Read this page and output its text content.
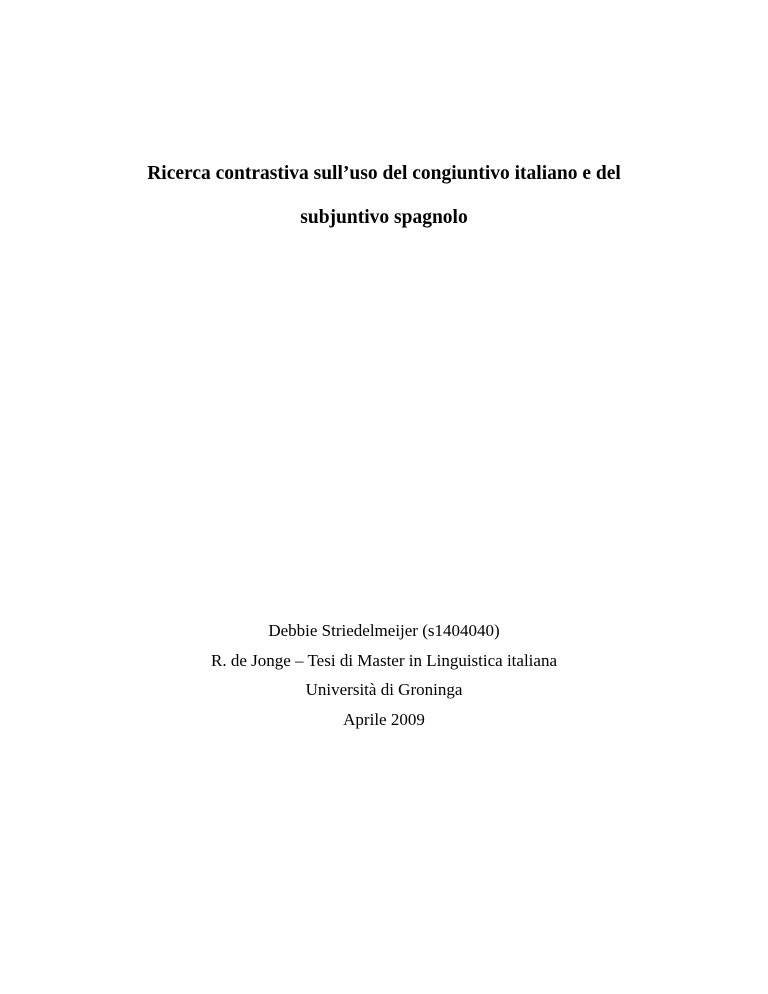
Ricerca contrastiva sull’uso del congiuntivo italiano e del
subjuntivo spagnolo
Debbie Striedelmeijer (s1404040)
R. de Jonge – Tesi di Master in Linguistica italiana
Università di Groninga
Aprile 2009
